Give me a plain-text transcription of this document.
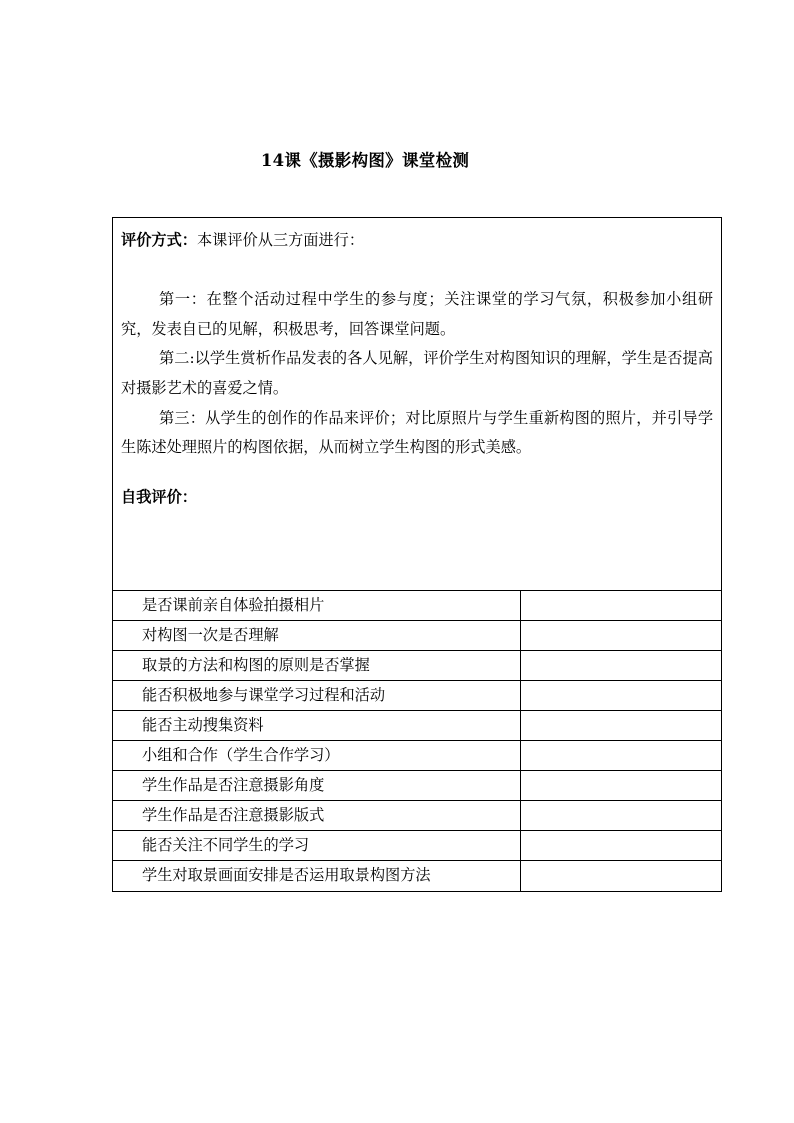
14课《摄影构图》课堂检测
评价方式：本课评价从三方面进行：
第一：在整个活动过程中学生的参与度；关注课堂的学习气氛，积极参加小组研究，发表自已的见解，积极思考，回答课堂问题。
第二:以学生赏析作品发表的各人见解，评价学生对构图知识的理解，学生是否提高对摄影艺术的喜爱之情。
第三：从学生的创作的作品来评价；对比原照片与学生重新构图的照片，并引导学生陈述处理照片的构图依据，从而树立学生构图的形式美感。
自我评价：
是否课前亲自体验拍摄相片
对构图一次是否理解
取景的方法和构图的原则是否掌握
能否积极地参与课堂学习过程和活动
能否主动搜集资料
小组和合作（学生合作学习）
学生作品是否注意摄影角度
学生作品是否注意摄影版式
能否关注不同学生的学习
学生对取景画面安排是否运用取景构图方法
